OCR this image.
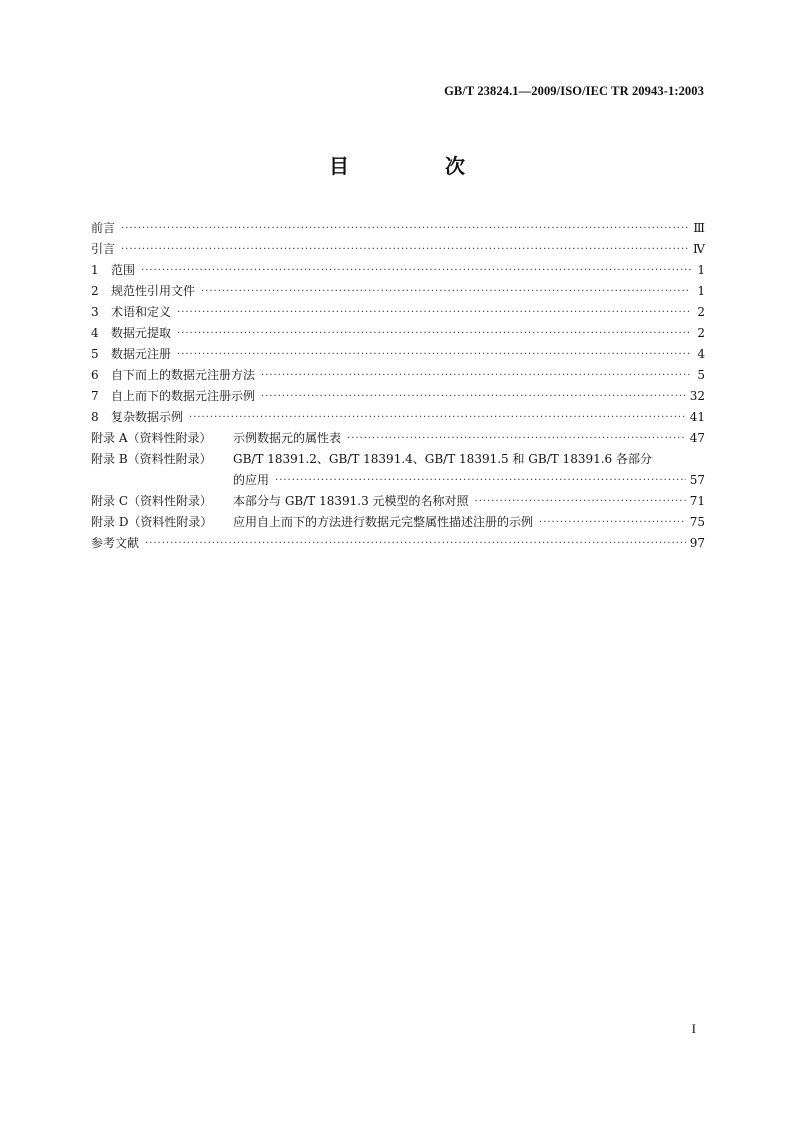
GB/T 23824.1—2009/ISO/IEC TR 20943-1:2003
目　次
前言 ·····	Ⅲ
引言 ·····	Ⅳ
1	范围 ·····	1
2	规范性引用文件 ·····	1
3	术语和定义 ·····	2
4	数据元提取 ·····	2
5	数据元注册 ·····	4
6	自下而上的数据元注册方法 ·····	5
7	自上而下的数据元注册示例 ·····	32
8	复杂数据示例 ·····	41
附录 A（资料性附录）	示例数据元的属性表 ·····	47
附录 B（资料性附录）	GB/T 18391.2、GB/T 18391.4、GB/T 18391.5 和 GB/T 18391.6 各部分
的应用 ·····	57
附录 C（资料性附录）	本部分与 GB/T 18391.3 元模型的名称对照 ·····	71
附录 D（资料性附录）	应用自上而下的方法进行数据元完整属性描述注册的示例 ·····	75
参考文献 ·····	97
I
